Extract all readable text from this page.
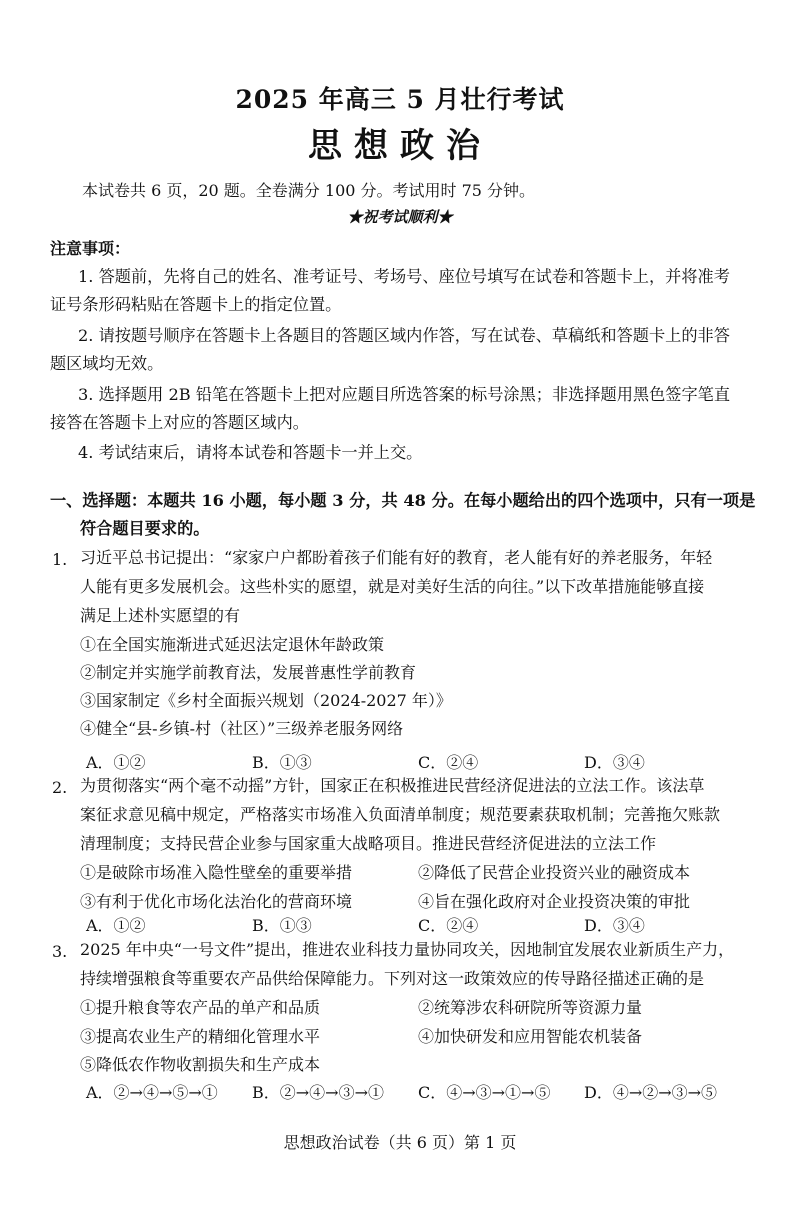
2025 年高三 5 月壮行考试
思想政治
本试卷共 6 页，20 题。全卷满分 100 分。考试用时 75 分钟。
★祝考试顺利★
注意事项：
1. 答题前，先将自己的姓名、准考证号、考场号、座位号填写在试卷和答题卡上，并将准考
证号条形码粘贴在答题卡上的指定位置。
2. 请按题号顺序在答题卡上各题目的答题区域内作答，写在试卷、草稿纸和答题卡上的非答
题区域均无效。
3. 选择题用 2B 铅笔在答题卡上把对应题目所选答案的标号涂黑；非选择题用黑色签字笔直
接答在答题卡上对应的答题区域内。
4. 考试结束后，请将本试卷和答题卡一并上交。
一、选择题：本题共 16 小题，每小题 3 分，共 48 分。在每小题给出的四个选项中，只有一项是
符合题目要求的。
1. 习近平总书记提出：“家家户户都盼着孩子们能有好的教育，老人能有好的养老服务，年轻
人能有更多发展机会。这些朴实的愿望，就是对美好生活的向往。”以下改革措施能够直接
满足上述朴实愿望的有
①在全国实施渐进式延迟法定退休年龄政策
②制定并实施学前教育法，发展普惠性学前教育
③国家制定《乡村全面振兴规划（2024-2027 年）》
④健全“县-乡镇-村（社区）”三级养老服务网络
A．①②	B．①③	C．②④	D．③④
2. 为贯彻落实“两个毫不动摇”方针，国家正在积极推进民营经济促进法的立法工作。该法草
案征求意见稿中规定，严格落实市场准入负面清单制度；规范要素获取机制；完善拖欠账款
清理制度；支持民营企业参与国家重大战略项目。推进民营经济促进法的立法工作
①是破除市场准入隐性壁垒的重要举措	②降低了民营企业投资兴业的融资成本
③有利于优化市场化法治化的营商环境	④旨在强化政府对企业投资决策的审批
A．①②	B．①③	C．②④	D．③④
3. 2025 年中央“一号文件”提出，推进农业科技力量协同攻关，因地制宜发展农业新质生产力，
持续增强粮食等重要农产品供给保障能力。下列对这一政策效应的传导路径描述正确的是
①提升粮食等农产品的单产和品质	②统筹涉农科研院所等资源力量
③提高农业生产的精细化管理水平	④加快研发和应用智能农机装备
⑤降低农作物收割损失和生产成本
A．②→④→⑤→① B．②→④→③→① C．④→③→①→⑤ D．④→②→③→⑤
思想政治试卷（共 6 页）第 1 页
